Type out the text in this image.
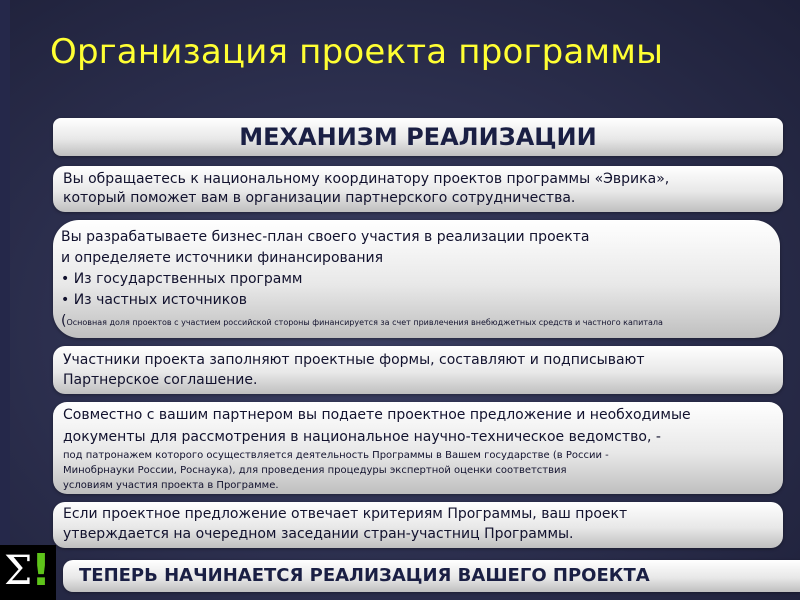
Организация проекта программы
МЕХАНИЗМ РЕАЛИЗАЦИИ
Вы обращаетесь к национальному координатору проектов программы «Эврика»,
который поможет вам в организации партнерского сотрудничества.
Вы разрабатываете бизнес-план своего участия в реализации проекта
и определяете источники финансирования
• Из государственных программ
• Из частных источников
(Основная доля проектов с участием российской стороны финансируется за счет привлечения внебюджетных средств и частного капитала
Участники проекта заполняют проектные формы, составляют и подписывают
Партнерское соглашение.
Совместно с вашим партнером вы подаете проектное предложение и необходимые
документы для рассмотрения в национальное научно-техническое ведомство, -
под патронажем которого осуществляется деятельность Программы в Вашем государстве (в России -
Минобрнауки России, Роснаука), для проведения процедуры экспертной оценки соответствия
условиям участия проекта в Программе.
Если проектное предложение отвечает критериям Программы, ваш проект
утверждается на очередном заседании стран-участниц Программы.
ТЕПЕРЬ НАЧИНАЕТСЯ РЕАЛИЗАЦИЯ ВАШЕГО ПРОЕКТА
Σ
!
